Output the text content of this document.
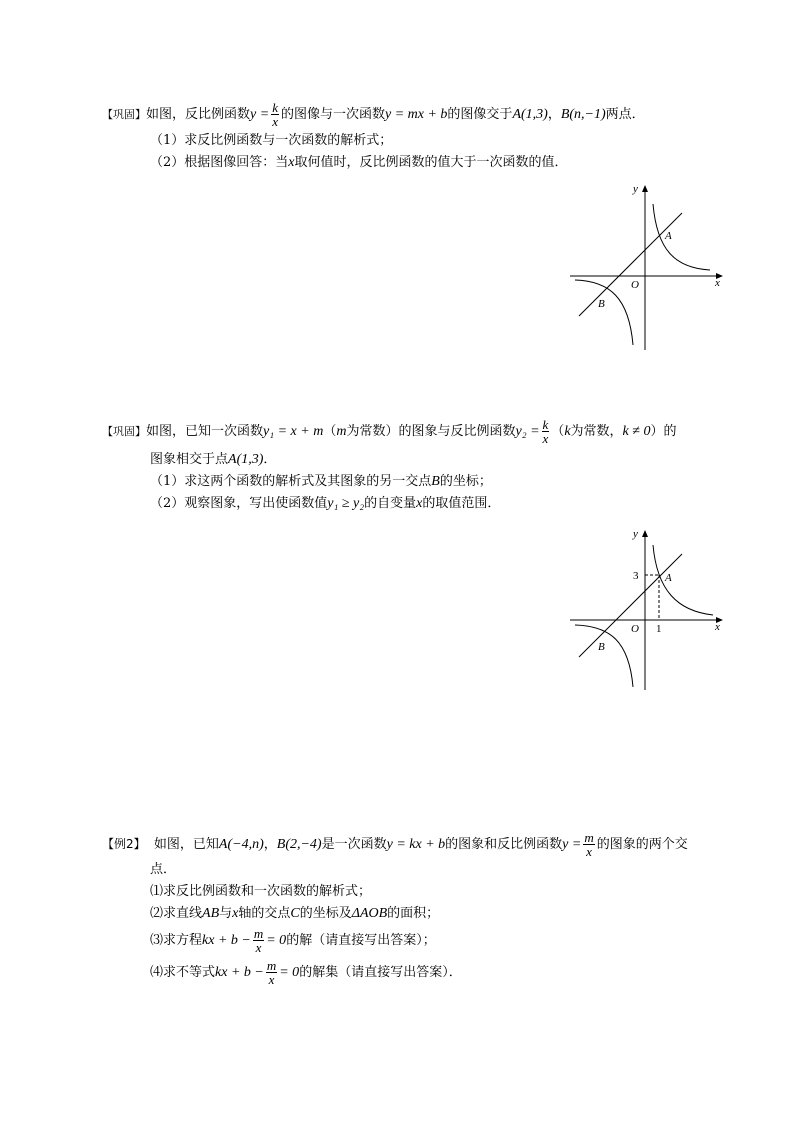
【巩固】如图，反比例函数$y = \frac{k}{x}$ 的图像与一次函数y = mx + b的图像交于A(1,3)，B(n,−1)两点．
（1）求反比例函数与一次函数的解析式；
（2）根据图像回答：当x取何值时，反比例函数的值大于一次函数的值．
y
x
O
A
B
【巩固】如图，已知一次函数y₁ = x + m（m为常数）的图象与反比例函数$y_2 = \frac{k}{x} (k$为常数，k ≠ 0）的
图象相交于点A(1,3)．
（1）求这两个函数的解析式及其图象的另一交点B的坐标；
（2）观察图象，写出使函数值y₁ ≥ y₂的自变量x的取值范围．
y
x
O
A
B
3
1
【例2】 如图，已知A(−4,n)，B(2,−4)是一次函数y = kx + b的图象和反比例函数$y = \frac{m}{x}$ 的图象的两个交
点．
⑴求反比例函数和一次函数的解析式；
⑵求直线AB与x轴的交点C的坐标及ΔAOB的面积；
⑶求方程kx + $b - \frac{m}{x} = 0$的解（请直接写出答案）；
⑷求不等式kx + $b - \frac{m}{x} = 0$的解集（请直接写出答案）．
